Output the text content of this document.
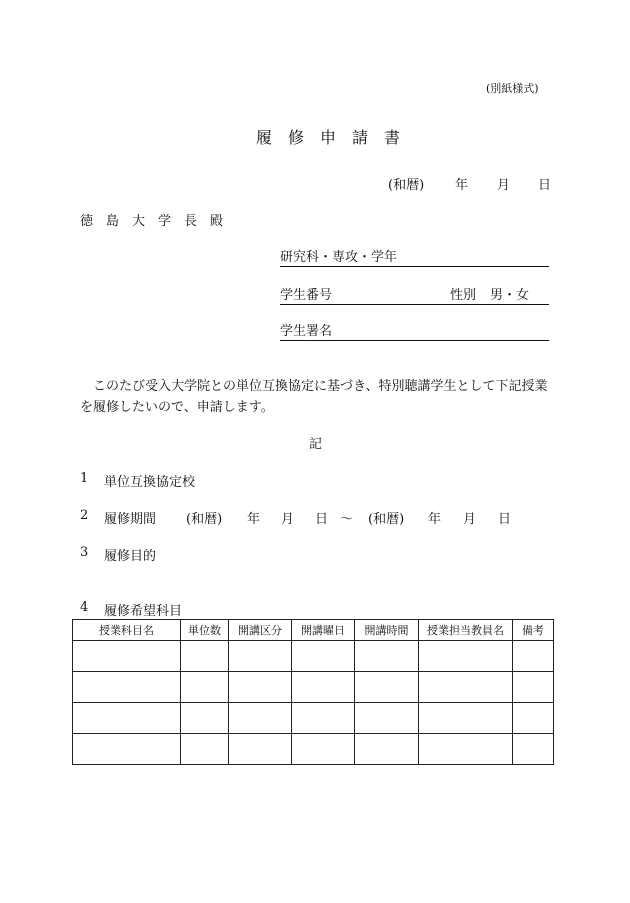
(別紙様式)
履修申請書
(和暦) 年 月 日
徳島大学長殿
研究科・専攻・学年
学生番号	性別 男・女
学生署名
このたび受入大学院との単位互換協定に基づき、特別聴講学生として下記授業を履修したいので、申請します。
記
1 単位互換協定校
2 履修期間 (和暦) 年 月 日 〜 (和暦) 年 月 日
3 履修目的
4 履修希望科目
授業科目名	単位数	開講区分	開講曜日	開講時間	授業担当教員名	備考
